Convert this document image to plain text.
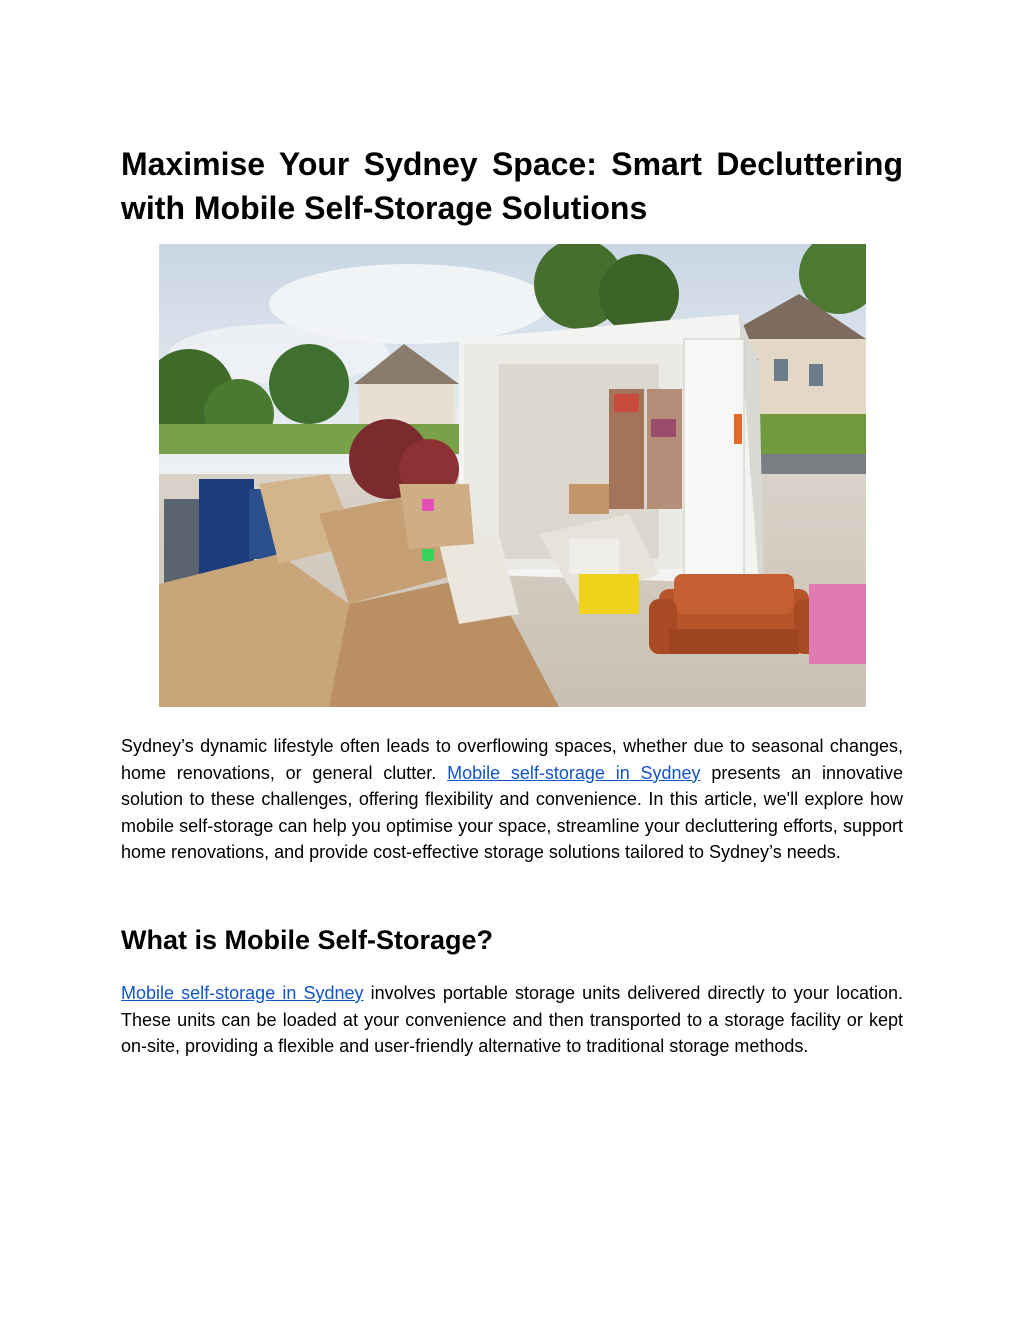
Maximise Your Sydney Space: Smart Decluttering with Mobile Self-Storage Solutions

Sydney’s dynamic lifestyle often leads to overflowing spaces, whether due to seasonal changes, home renovations, or general clutter. Mobile self-storage in Sydney presents an innovative solution to these challenges, offering flexibility and convenience. In this article, we'll explore how mobile self-storage can help you optimise your space, streamline your decluttering efforts, support home renovations, and provide cost-effective storage solutions tailored to Sydney’s needs.

What is Mobile Self-Storage?

Mobile self-storage in Sydney involves portable storage units delivered directly to your location. These units can be loaded at your convenience and then transported to a storage facility or kept on-site, providing a flexible and user-friendly alternative to traditional storage methods.
